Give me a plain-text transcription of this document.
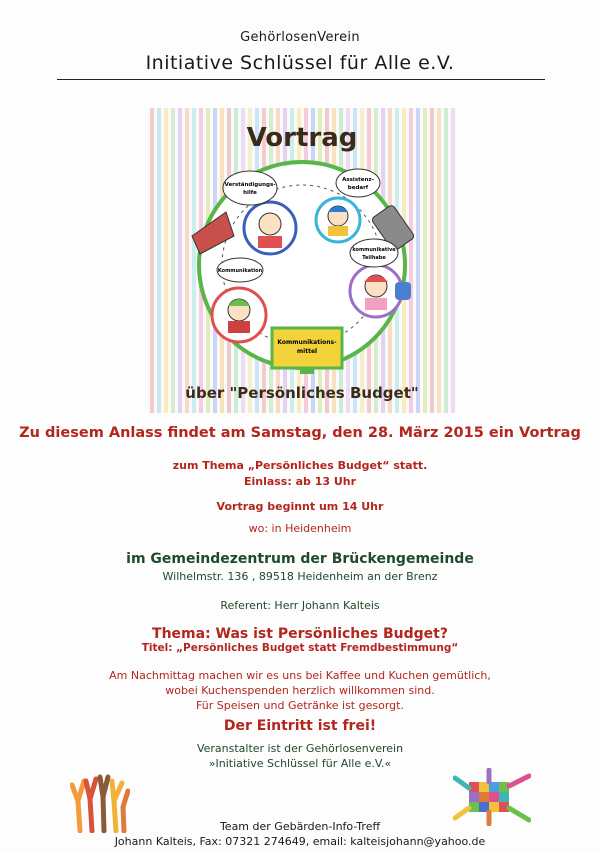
GehörlosenVerein
Initiative Schlüssel für Alle e.V.
Vortrag
Verständigungs-
hilfe
Assistenz-
bedarf
Kommunikation
kommunikative
Teilhabe
Kommunikations-
mittel
über "Persönliches Budget"
Zu diesem Anlass findet am Samstag, den 28. März 2015 ein Vortrag
zum Thema „Persönliches Budget“ statt.
Einlass: ab 13 Uhr
Vortrag beginnt um 14 Uhr
wo: in Heidenheim
im Gemeindezentrum der Brückengemeinde
Wilhelmstr. 136 , 89518 Heidenheim an der Brenz
Referent: Herr Johann Kalteis
Thema: Was ist Persönliches Budget?
Titel: „Persönliches Budget statt Fremdbestimmung“
Am Nachmittag machen wir es uns bei Kaffee und Kuchen gemütlich,
wobei Kuchenspenden herzlich willkommen sind.
Für Speisen und Getränke ist gesorgt.
Der Eintritt ist frei!
Veranstalter ist der Gehörlosenverein
»Initiative Schlüssel für Alle e.V.«
Team der Gebärden-Info-Treff
Johann Kalteis, Fax: 07321 274649, email: kalteisjohann@yahoo.de
